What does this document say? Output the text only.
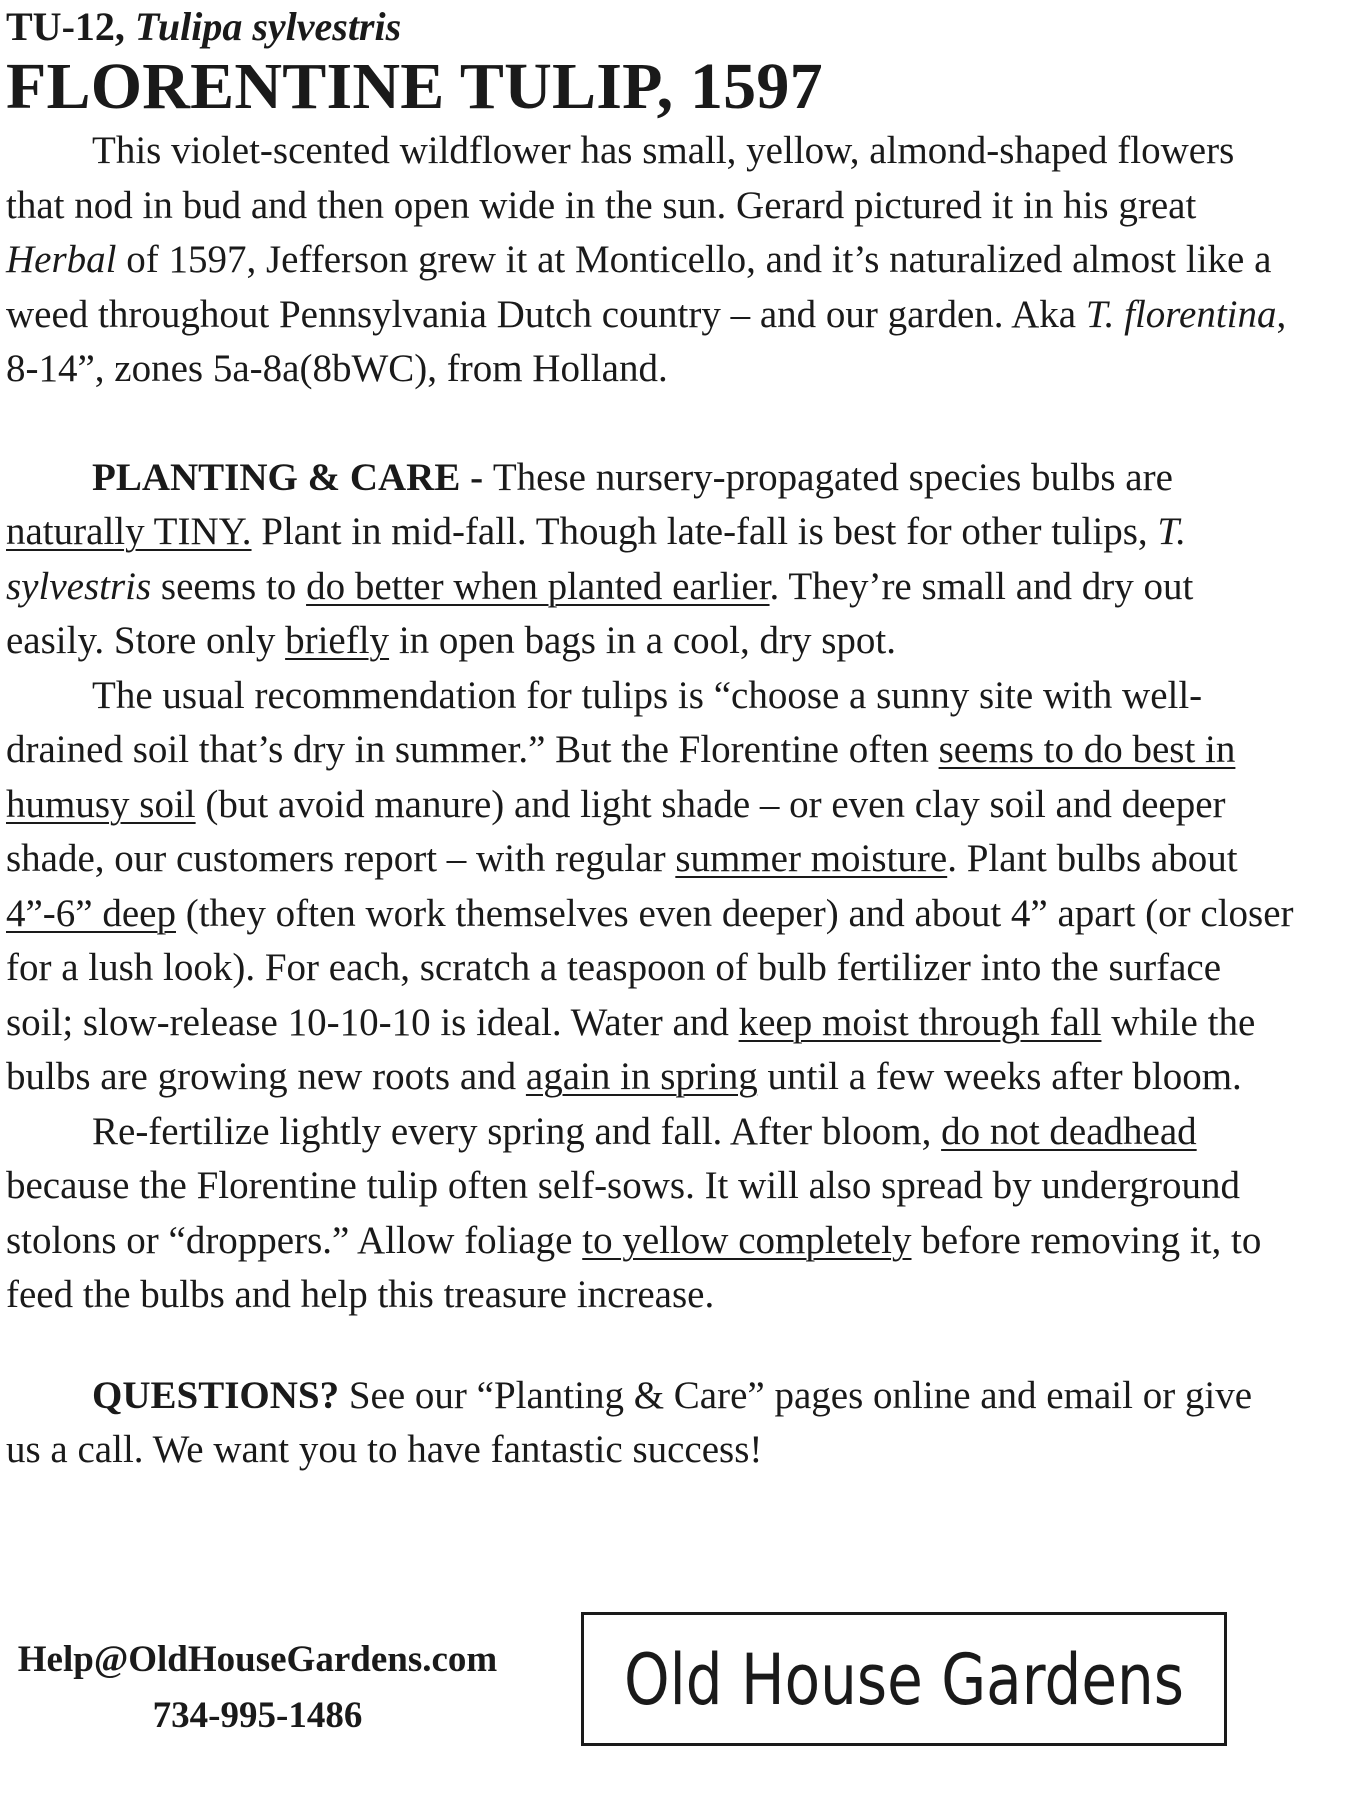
TU-12, Tulipa sylvestris
FLORENTINE TULIP, 1597

This violet-scented wildflower has small, yellow, almond-shaped flowers that nod in bud and then open wide in the sun. Gerard pictured it in his great Herbal of 1597, Jefferson grew it at Monticello, and it’s naturalized almost like a weed throughout Pennsylvania Dutch country – and our garden. Aka T. florentina, 8-14”, zones 5a-8a(8bWC), from Holland.

PLANTING & CARE - These nursery-propagated species bulbs are naturally TINY. Plant in mid-fall. Though late-fall is best for other tulips, T. sylvestris seems to do better when planted earlier. They’re small and dry out easily. Store only briefly in open bags in a cool, dry spot.

The usual recommendation for tulips is “choose a sunny site with well-drained soil that’s dry in summer.” But the Florentine often seems to do best in humusy soil (but avoid manure) and light shade – or even clay soil and deeper shade, our customers report – with regular summer moisture. Plant bulbs about 4”-6” deep (they often work themselves even deeper) and about 4” apart (or closer for a lush look). For each, scratch a teaspoon of bulb fertilizer into the surface soil; slow-release 10-10-10 is ideal. Water and keep moist through fall while the bulbs are growing new roots and again in spring until a few weeks after bloom.

Re-fertilize lightly every spring and fall. After bloom, do not deadhead because the Florentine tulip often self-sows. It will also spread by underground stolons or “droppers.” Allow foliage to yellow completely before removing it, to feed the bulbs and help this treasure increase.

QUESTIONS? See our “Planting & Care” pages online and email or give us a call. We want you to have fantastic success!

Help@OldHouseGardens.com
734-995-1486	Old House Gardens
